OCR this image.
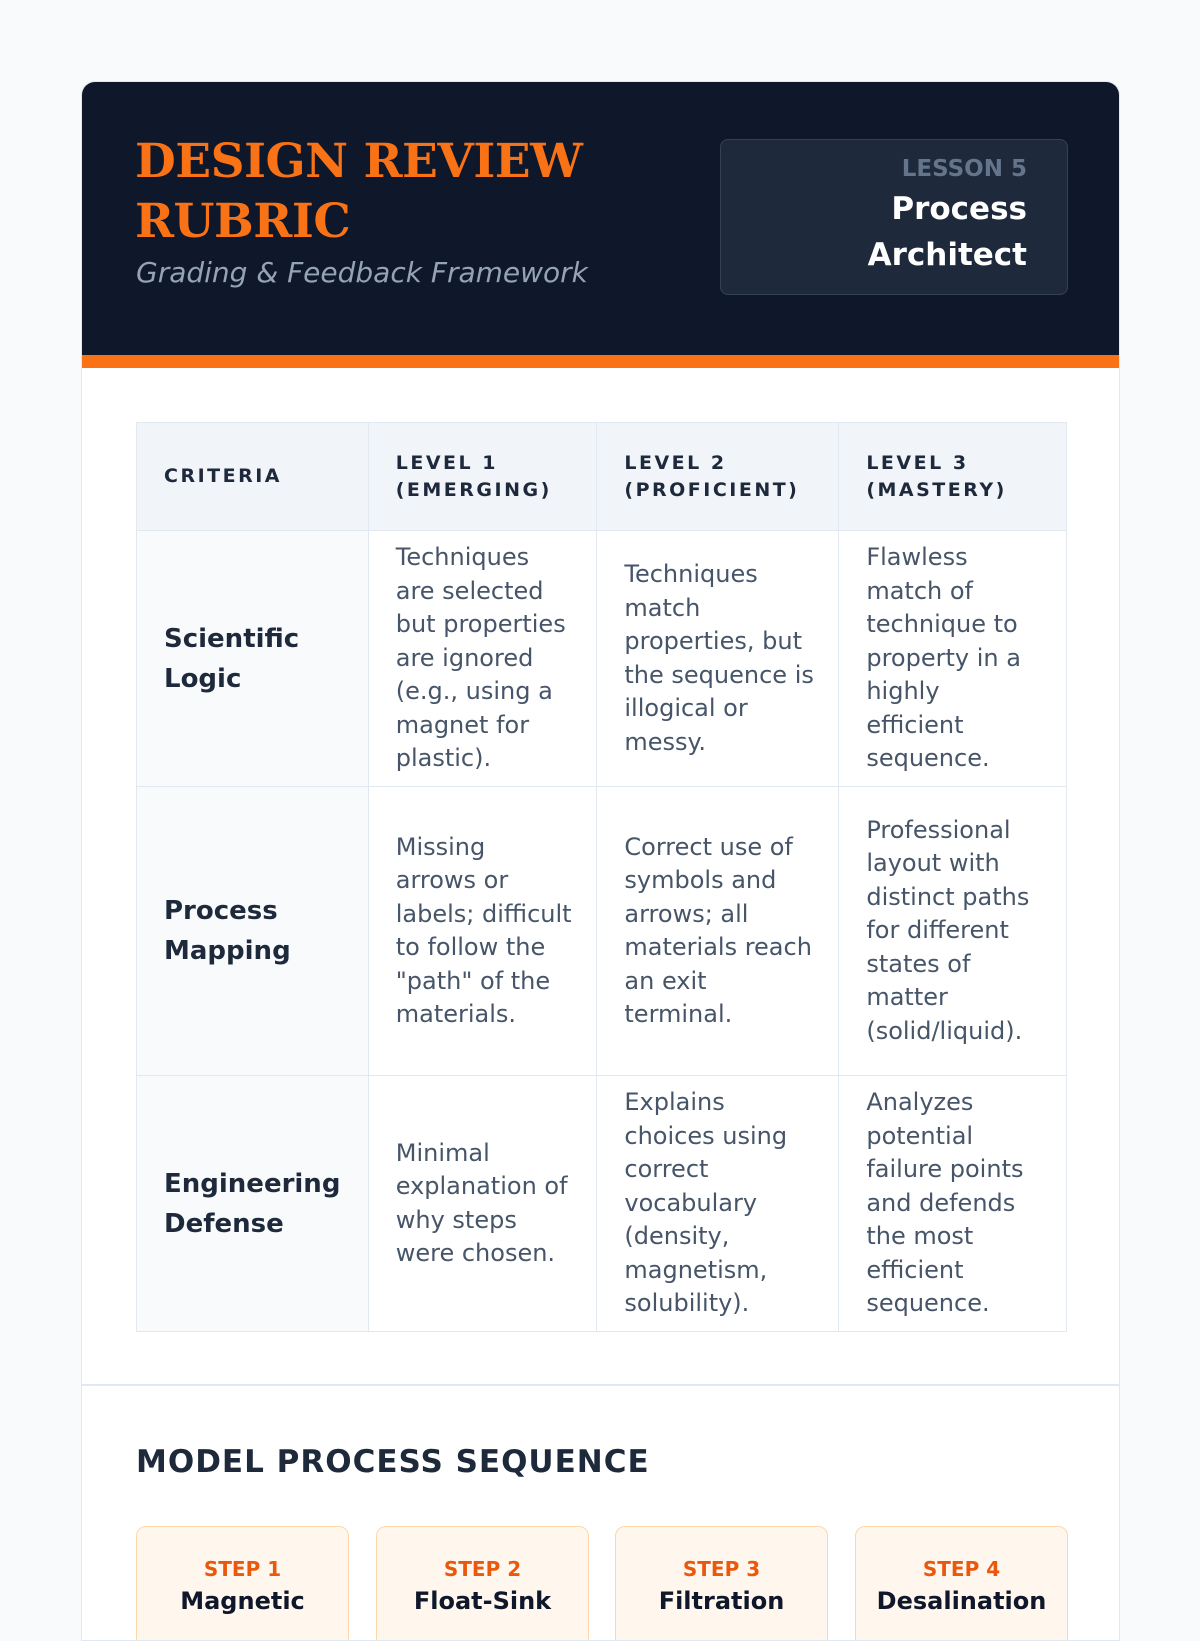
DESIGN REVIEW RUBRIC
Grading & Feedback Framework
LESSON 5
Process Architect
CRITERIA	LEVEL 1 (EMERGING)	LEVEL 2 (PROFICIENT)	LEVEL 3 (MASTERY)
Scientific Logic	Techniques are selected but properties are ignored (e.g., using a magnet for plastic).	Techniques match properties, but the sequence is illogical or messy.	Flawless match of technique to property in a highly efficient sequence.
Process Mapping	Missing arrows or labels; difficult to follow the "path" of the materials.	Correct use of symbols and arrows; all materials reach an exit terminal.	Professional layout with distinct paths for different states of matter (solid/liquid).
Engineering Defense	Minimal explanation of why steps were chosen.	Explains choices using correct vocabulary (density, magnetism, solubility).	Analyzes potential failure points and defends the most efficient sequence.
MODEL PROCESS SEQUENCE
STEP 1
Magnetic
STEP 2
Float-Sink
STEP 3
Filtration
STEP 4
Desalination
